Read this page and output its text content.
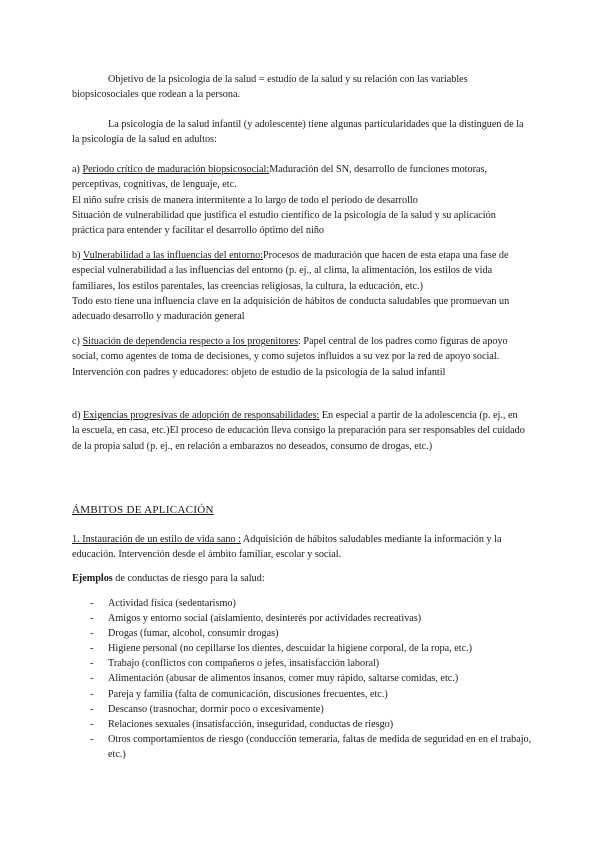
Objetivo de la psicología de la salud = estudio de la salud y su relación con las variables biopsicosociales que rodean a la persona.

La psicología de la salud infantil (y adolescente) tiene algunas particularidades que la distinguen de la la psicología de la salud en adultos:

a) Periodo crítico de maduración biopsicosocial:Maduración del SN, desarrollo de funciones motoras, perceptivas, cognitivas, de lenguaje, etc.
El niño sufre crisis de manera intermitente a lo largo de todo el periodo de desarrollo
Situación de vulnerabilidad que justifica el estudio científico de la psicología de la salud y su aplicación práctica para entender y facilitar el desarrollo óptimo del niño
b) Vulnerabilidad a las influencias del entorno:Procesos de maduración que hacen de esta etapa una fase de especial vulnerabilidad a las influencias del entorno (p. ej., al clima, la alimentación, los estilos de vida familiares, los estilos parentales, las creencias religiosas, la cultura, la educación, etc.)
Todo esto tiene una influencia clave en la adquisición de hábitos de conducta saludables que promuevan un adecuado desarrollo y maduración general
c) Situación de dependencia respecto a los progenitores: Papel central de los padres como figuras de apoyo social, como agentes de toma de decisiones, y como sujetos influidos a su vez por la red de apoyo social.
Intervención con padres y educadores: objeto de estudio de la psicología de la salud infantil
d) Exigencias progresivas de adopción de responsabilidades: En especial a partir de la adolescencia (p. ej., en la escuela, en casa, etc.)El proceso de educación lleva consigo la preparación para ser responsables del cuidado de la propia salud (p. ej., en relación a embarazos no deseados, consumo de drogas, etc.)
ÁMBITOS DE APLICACIÓN
1. Instauración de un estilo de vida sano : Adquisición de hábitos saludables mediante la información y la educación. Intervención desde el ámbito familiar, escolar y social.
Ejemplos de conductas de riesgo para la salud:
- Actividad física (sedentarismo)
- Amigos y entorno social (aislamiento, desinterés por actividades recreativas)
- Drogas (fumar, alcohol, consumir drogas)
- Higiene personal (no cepillarse los dientes, descuidar la higiene corporal, de la ropa, etc.)
- Trabajo (conflictos con compañeros o jefes, insatisfacción laboral)
- Alimentación (abusar de alimentos insanos, comer muy rápido, saltarse comidas, etc.)
- Pareja y familia (falta de comunicación, discusiones frecuentes, etc.)
- Descanso (trasnochar, dormir poco o excesivamente)
- Relaciones sexuales (insatisfacción, inseguridad, conductas de riesgo)
- Otros comportamientos de riesgo (conducción temeraria, faltas de medida de seguridad en en el trabajo, etc.)
